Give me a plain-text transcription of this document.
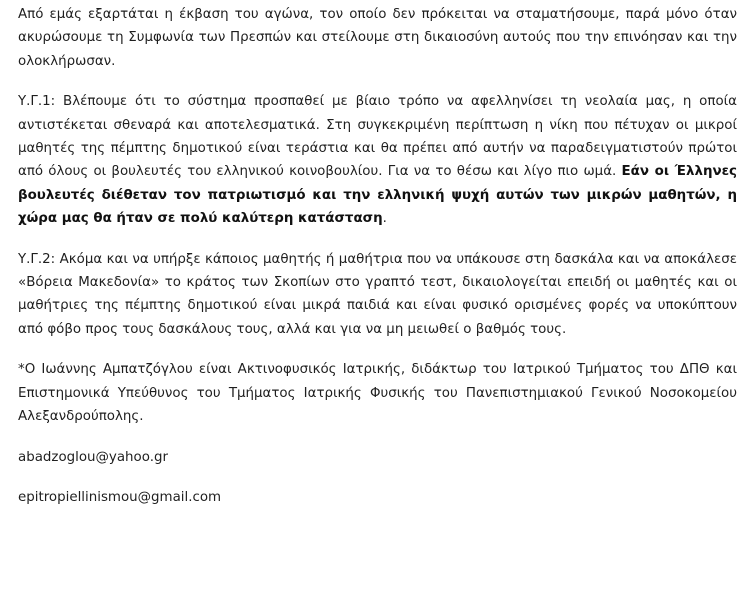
Από εμάς εξαρτάται η έκβαση του αγώνα, τον οποίο δεν πρόκειται να σταματήσουμε, παρά μόνο όταν ακυρώσουμε τη Συμφωνία των Πρεσπών και στείλουμε στη δικαιοσύνη αυτούς που την επινόησαν και την ολοκλήρωσαν.

Υ.Γ.1: Βλέπουμε ότι το σύστημα προσπαθεί με βίαιο τρόπο να αφελληνίσει τη νεολαία μας, η οποία αντιστέκεται σθεναρά και αποτελεσματικά. Στη συγκεκριμένη περίπτωση η νίκη που πέτυχαν οι μικροί μαθητές της πέμπτης δημοτικού είναι τεράστια και θα πρέπει από αυτήν να παραδειγματιστούν πρώτοι από όλους οι βουλευτές του ελληνικού κοινοβουλίου. Για να το θέσω και λίγο πιο ωμά. Εάν οι Έλληνες βουλευτές διέθεταν τον πατριωτισμό και την ελληνική ψυχή αυτών των μικρών μαθητών, η χώρα μας θα ήταν σε πολύ καλύτερη κατάσταση.

Υ.Γ.2: Ακόμα και να υπήρξε κάποιος μαθητής ή μαθήτρια που να υπάκουσε στη δασκάλα και να αποκάλεσε «Βόρεια Μακεδονία» το κράτος των Σκοπίων στο γραπτό τεστ, δικαιολογείται επειδή οι μαθητές και οι μαθήτριες της πέμπτης δημοτικού είναι μικρά παιδιά και είναι φυσικό ορισμένες φορές να υποκύπτουν από φόβο προς τους δασκάλους τους, αλλά και για να μη μειωθεί ο βαθμός τους.

*Ο Ιωάννης Αμπατζόγλου είναι Ακτινοφυσικός Ιατρικής, διδάκτωρ του Ιατρικού Τμήματος του ΔΠΘ και Επιστημονικά Υπεύθυνος του Τμήματος Ιατρικής Φυσικής του Πανεπιστημιακού Γενικού Νοσοκομείου Αλεξανδρούπολης.

abadzoglou@yahoo.gr

epitropiellinismou@gmail.com
